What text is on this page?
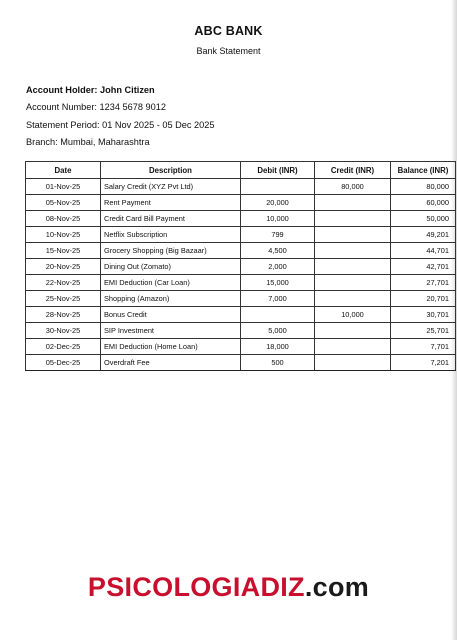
ABC BANK
Bank Statement
Account Holder: John Citizen
Account Number: 1234 5678 9012
Statement Period: 01 Nov 2025 - 05 Dec 2025
Branch: Mumbai, Maharashtra
Date	Description	Debit (INR)	Credit (INR)	Balance (INR)
01-Nov-25	Salary Credit (XYZ Pvt Ltd)		80,000	80,000
05-Nov-25	Rent Payment	20,000		60,000
08-Nov-25	Credit Card Bill Payment	10,000		50,000
10-Nov-25	Netflix Subscription	799		49,201
15-Nov-25	Grocery Shopping (Big Bazaar)	4,500		44,701
20-Nov-25	Dining Out (Zomato)	2,000		42,701
22-Nov-25	EMI Deduction (Car Loan)	15,000		27,701
25-Nov-25	Shopping (Amazon)	7,000		20,701
28-Nov-25	Bonus Credit		10,000	30,701
30-Nov-25	SIP Investment	5,000		25,701
02-Dec-25	EMI Deduction (Home Loan)	18,000		7,701
05-Dec-25	Overdraft Fee	500		7,201
PSICOLOGIADIZ.com
